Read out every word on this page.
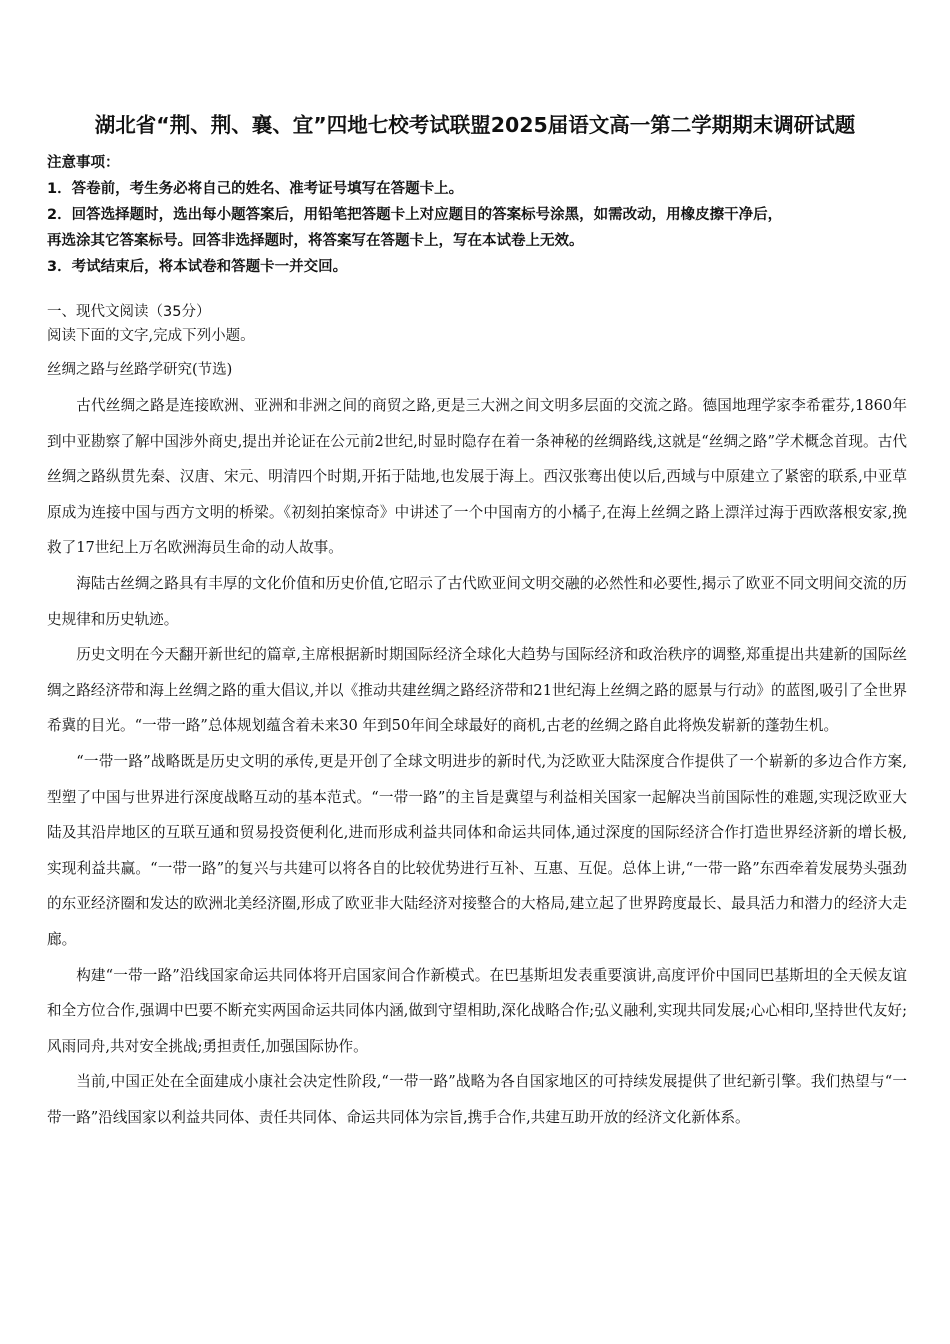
湖北省“荆、荆、襄、宜”四地七校考试联盟2025届语文高一第二学期期末调研试题
注意事项：
1．答卷前，考生务必将自己的姓名、准考证号填写在答题卡上。
2．回答选择题时，选出每小题答案后，用铅笔把答题卡上对应题目的答案标号涂黑，如需改动，用橡皮擦干净后，
再选涂其它答案标号。回答非选择题时，将答案写在答题卡上，写在本试卷上无效。
3．考试结束后，将本试卷和答题卡一并交回。
一、现代文阅读（35分）
阅读下面的文字,完成下列小题。
丝绸之路与丝路学研究(节选)

古代丝绸之路是连接欧洲、亚洲和非洲之间的商贸之路,更是三大洲之间文明多层面的交流之路。德国地理学家李希霍芬,1860年到中亚勘察了解中国涉外商史,提出并论证在公元前2世纪,时显时隐存在着一条神秘的丝绸路线,这就是“丝绸之路”学术概念首现。古代丝绸之路纵贯先秦、汉唐、宋元、明清四个时期,开拓于陆地,也发展于海上。西汉张骞出使以后,西域与中原建立了紧密的联系,中亚草原成为连接中国与西方文明的桥梁。《初刻拍案惊奇》中讲述了一个中国南方的小橘子,在海上丝绸之路上漂洋过海于西欧落根安家,挽救了17世纪上万名欧洲海员生命的动人故事。

海陆古丝绸之路具有丰厚的文化价值和历史价值,它昭示了古代欧亚间文明交融的必然性和必要性,揭示了欧亚不同文明间交流的历史规律和历史轨迹。

历史文明在今天翻开新世纪的篇章,主席根据新时期国际经济全球化大趋势与国际经济和政治秩序的调整,郑重提出共建新的国际丝绸之路经济带和海上丝绸之路的重大倡议,并以《推动共建丝绸之路经济带和21世纪海上丝绸之路的愿景与行动》的蓝图,吸引了全世界希冀的目光。“一带一路”总体规划蕴含着未来30 年到50年间全球最好的商机,古老的丝绸之路自此将焕发崭新的蓬勃生机。

“一带一路”战略既是历史文明的承传,更是开创了全球文明进步的新时代,为泛欧亚大陆深度合作提供了一个崭新的多边合作方案,型塑了中国与世界进行深度战略互动的基本范式。“一带一路”的主旨是冀望与利益相关国家一起解决当前国际性的难题,实现泛欧亚大陆及其沿岸地区的互联互通和贸易投资便利化,进而形成利益共同体和命运共同体,通过深度的国际经济合作打造世界经济新的增长极,实现利益共赢。“一带一路”的复兴与共建可以将各自的比较优势进行互补、互惠、互促。总体上讲,“一带一路”东西牵着发展势头强劲的东亚经济圈和发达的欧洲北美经济圈,形成了欧亚非大陆经济对接整合的大格局,建立起了世界跨度最长、最具活力和潜力的经济大走廊。

构建“一带一路”沿线国家命运共同体将开启国家间合作新模式。在巴基斯坦发表重要演讲,高度评价中国同巴基斯坦的全天候友谊和全方位合作,强调中巴要不断充实两国命运共同体内涵,做到守望相助,深化战略合作;弘义融利,实现共同发展;心心相印,坚持世代友好;风雨同舟,共对安全挑战;勇担责任,加强国际协作。

当前,中国正处在全面建成小康社会决定性阶段,“一带一路”战略为各自国家地区的可持续发展提供了世纪新引擎。我们热望与“一带一路”沿线国家以利益共同体、责任共同体、命运共同体为宗旨,携手合作,共建互助开放的经济文化新体系。
